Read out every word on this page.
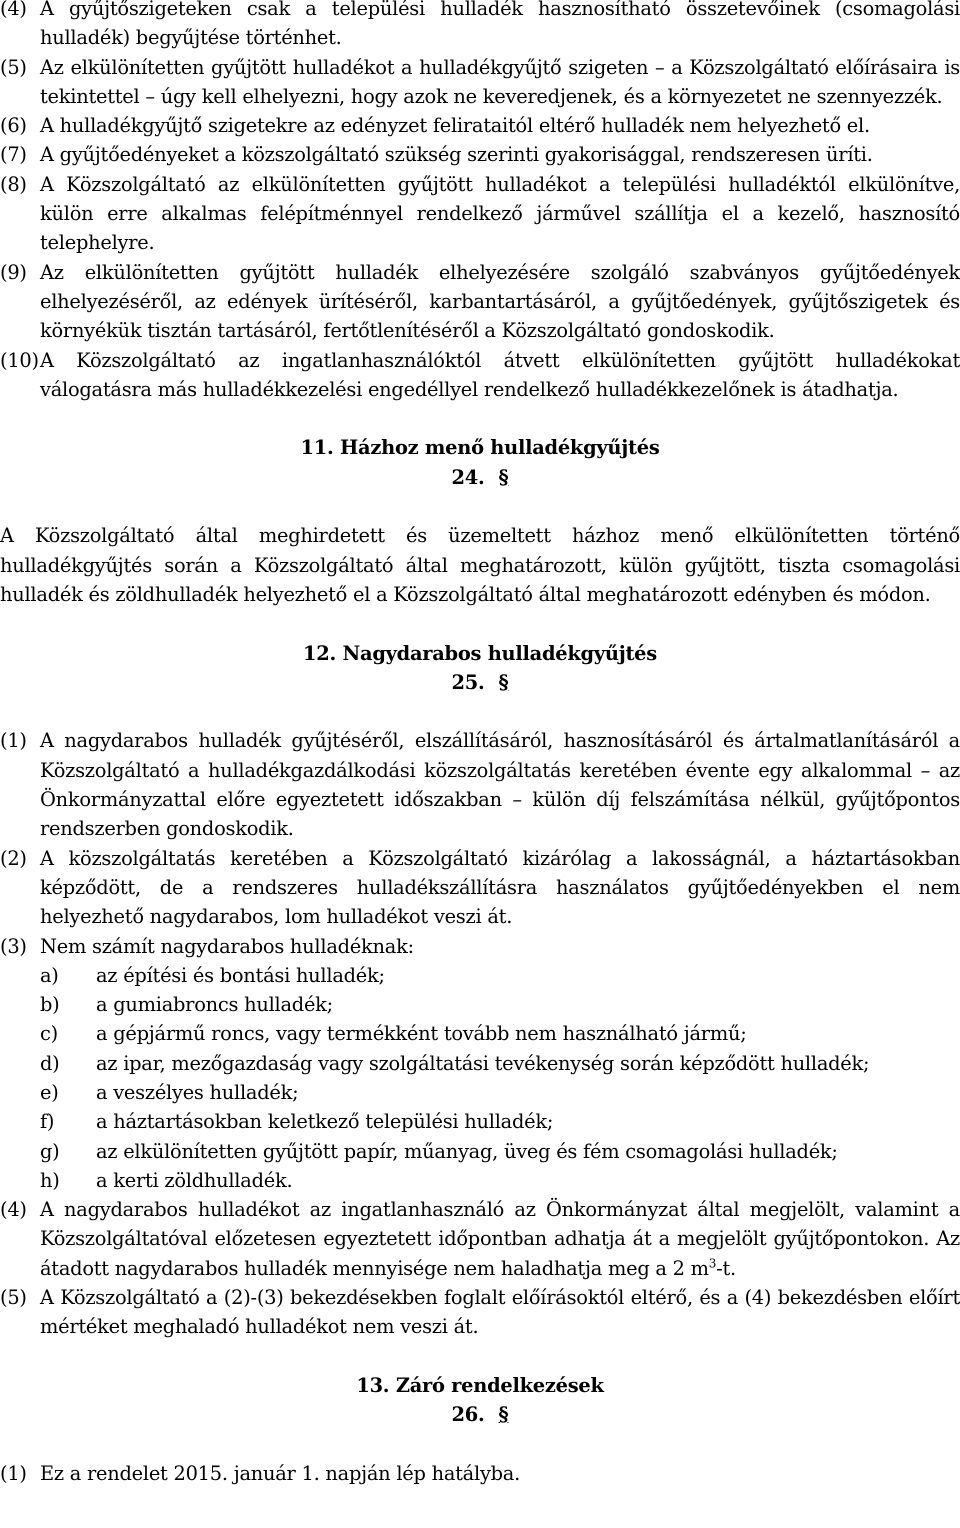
(4) A gyűjtőszigeteken csak a települési hulladék hasznosítható összetevőinek (csomagolási hulladék) begyűjtése történhet.
(5) Az elkülönítetten gyűjtött hulladékot a hulladékgyűjtő szigeten – a Közszolgáltató előírásaira is tekintettel – úgy kell elhelyezni, hogy azok ne keveredjenek, és a környezetet ne szennyezzék.
(6) A hulladékgyűjtő szigetekre az edényzet felirataitól eltérő hulladék nem helyezhető el.
(7) A gyűjtőedényeket a közszolgáltató szükség szerinti gyakorisággal, rendszeresen üríti.
(8) A Közszolgáltató az elkülönítetten gyűjtött hulladékot a települési hulladéktól elkülönítve, külön erre alkalmas felépítménnyel rendelkező járművel szállítja el a kezelő, hasznosító telephelyre.
(9) Az elkülönítetten gyűjtött hulladék elhelyezésére szolgáló szabványos gyűjtőedények elhelyezéséről, az edények ürítéséről, karbantartásáról, a gyűjtőedények, gyűjtőszigetek és környékük tisztán tartásáról, fertőtlenítéséről a Közszolgáltató gondoskodik.
(10) A Közszolgáltató az ingatlanhasználóktól átvett elkülönítetten gyűjtött hulladékokat válogatásra más hulladékkezelési engedéllyel rendelkező hulladékkezelőnek is átadhatja.
11. Házhoz menő hulladékgyűjtés
24. §
A Közszolgáltató által meghirdetett és üzemeltett házhoz menő elkülönítetten történő hulladékgyűjtés során a Közszolgáltató által meghatározott, külön gyűjtött, tiszta csomagolási hulladék és zöldhulladék helyezhető el a Közszolgáltató által meghatározott edényben és módon.
12. Nagydarabos hulladékgyűjtés
25. §
(1) A nagydarabos hulladék gyűjtéséről, elszállításáról, hasznosításáról és ártalmatlanításáról a Közszolgáltató a hulladékgazdálkodási közszolgáltatás keretében évente egy alkalommal – az Önkormányzattal előre egyeztetett időszakban – külön díj felszámítása nélkül, gyűjtőpontos rendszerben gondoskodik.
(2) A közszolgáltatás keretében a Közszolgáltató kizárólag a lakosságnál, a háztartásokban képződött, de a rendszeres hulladékszállításra használatos gyűjtőedényekben el nem helyezhető nagydarabos, lom hulladékot veszi át.
(3) Nem számít nagydarabos hulladéknak:
a)	az építési és bontási hulladék;
b)	a gumiabroncs hulladék;
c)	a gépjármű roncs, vagy termékként tovább nem használható jármű;
d)	az ipar, mezőgazdaság vagy szolgáltatási tevékenység során képződött hulladék;
e)	a veszélyes hulladék;
f)	a háztartásokban keletkező települési hulladék;
g)	az elkülönítetten gyűjtött papír, műanyag, üveg és fém csomagolási hulladék;
h)	a kerti zöldhulladék.
(4) A nagydarabos hulladékot az ingatlanhasználó az Önkormányzat által megjelölt, valamint a Közszolgáltatóval előzetesen egyeztetett időpontban adhatja át a megjelölt gyűjtőpontokon. Az átadott nagydarabos hulladék mennyisége nem haladhatja meg a 2 $m^3-t$.
(5) A Közszolgáltató a (2)-(3) bekezdésekben foglalt előírásoktól eltérő, és a (4) bekezdésben előírt mértéket meghaladó hulladékot nem veszi át.
13. Záró rendelkezések
26. §
(1) Ez a rendelet 2015. január 1. napján lép hatályba.
